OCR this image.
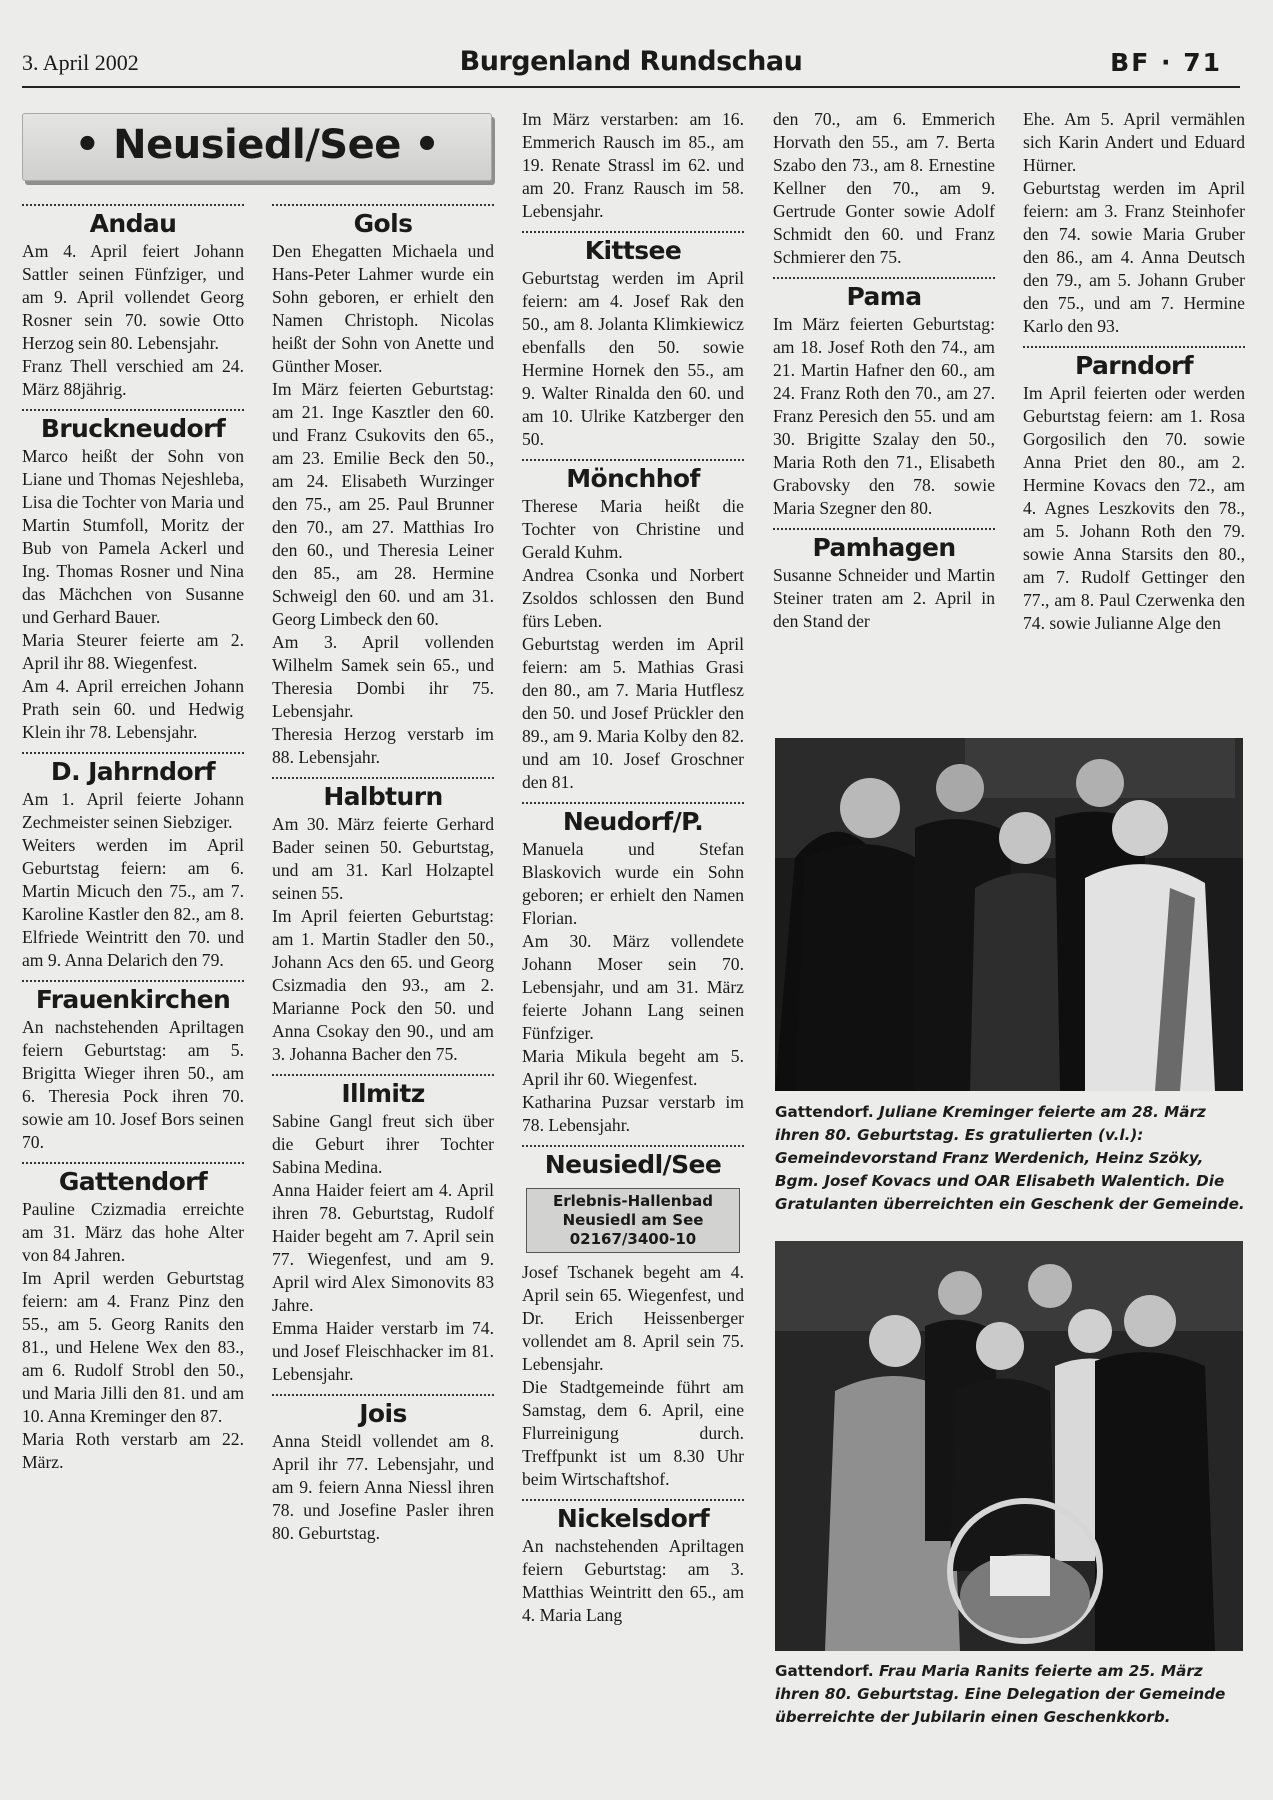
3. April 2002	Burgenland Rundschau	BF · 71
• Neusiedl/See •
Andau

Am 4. April feiert Johann Sattler seinen Fünfziger, und am 9. April vollendet Georg Rosner sein 70. sowie Otto Herzog sein 80. Lebensjahr.

Franz Thell verschied am 24. März 88jährig.

Bruckneudorf

Marco heißt der Sohn von Liane und Thomas Nejeshleba, Lisa die Tochter von Maria und Martin Stumfoll, Moritz der Bub von Pamela Ackerl und Ing. Thomas Rosner und Nina das Mächchen von Susanne und Gerhard Bauer.

Maria Steurer feierte am 2. April ihr 88. Wiegenfest.

Am 4. April erreichen Johann Prath sein 60. und Hedwig Klein ihr 78. Lebensjahr.

D. Jahrndorf

Am 1. April feierte Johann Zechmeister seinen Siebziger.

Weiters werden im April Geburtstag feiern: am 6. Martin Micuch den 75., am 7. Karoline Kastler den 82., am 8. Elfriede Weintritt den 70. und am 9. Anna Delarich den 79.

Frauenkirchen

An nachstehenden Apriltagen feiern Geburtstag: am 5. Brigitta Wieger ihren 50., am 6. Theresia Pock ihren 70. sowie am 10. Josef Bors seinen 70.

Gattendorf

Pauline Czizmadia erreichte am 31. März das hohe Alter von 84 Jahren.

Im April werden Geburtstag feiern: am 4. Franz Pinz den 55., am 5. Georg Ranits den 81., und Helene Wex den 83., am 6. Rudolf Strobl den 50., und Maria Jilli den 81. und am 10. Anna Kreminger den 87.

Maria Roth verstarb am 22. März.

Gols

Den Ehegatten Michaela und Hans-Peter Lahmer wurde ein Sohn geboren, er erhielt den Namen Christoph. Nicolas heißt der Sohn von Anette und Günther Moser.

Im März feierten Geburtstag: am 21. Inge Kasztler den 60. und Franz Csukovits den 65., am 23. Emilie Beck den 50., am 24. Elisabeth Wurzinger den 75., am 25. Paul Brunner den 70., am 27. Matthias Iro den 60., und Theresia Leiner den 85., am 28. Hermine Schweigl den 60. und am 31. Georg Limbeck den 60.

Am 3. April vollenden Wilhelm Samek sein 65., und Theresia Dombi ihr 75. Lebensjahr.

Theresia Herzog verstarb im 88. Lebensjahr.

Halbturn

Am 30. März feierte Gerhard Bader seinen 50. Geburtstag, und am 31. Karl Holzaptel seinen 55.

Im April feierten Geburtstag: am 1. Martin Stadler den 50., Johann Acs den 65. und Georg Csizmadia den 93., am 2. Marianne Pock den 50. und Anna Csokay den 90., und am 3. Johanna Bacher den 75.

Illmitz

Sabine Gangl freut sich über die Geburt ihrer Tochter Sabina Medina.

Anna Haider feiert am 4. April ihren 78. Geburtstag, Rudolf Haider begeht am 7. April sein 77. Wiegenfest, und am 9. April wird Alex Simonovits 83 Jahre.

Emma Haider verstarb im 74. und Josef Fleischhacker im 81. Lebensjahr.

Jois

Anna Steidl vollendet am 8. April ihr 77. Lebensjahr, und am 9. feiern Anna Niessl ihren 78. und Josefine Pasler ihren 80. Geburtstag.

Im März verstarben: am 16. Emmerich Rausch im 85., am 19. Renate Strassl im 62. und am 20. Franz Rausch im 58. Lebensjahr.

Kittsee

Geburtstag werden im April feiern: am 4. Josef Rak den 50., am 8. Jolanta Klimkiewicz ebenfalls den 50. sowie Hermine Hornek den 55., am 9. Walter Rinalda den 60. und am 10. Ulrike Katzberger den 50.

Mönchhof

Therese Maria heißt die Tochter von Christine und Gerald Kuhm.

Andrea Csonka und Norbert Zsoldos schlossen den Bund fürs Leben.

Geburtstag werden im April feiern: am 5. Mathias Grasi den 80., am 7. Maria Hutflesz den 50. und Josef Prückler den 89., am 9. Maria Kolby den 82. und am 10. Josef Groschner den 81.

Neudorf/P.

Manuela und Stefan Blaskovich wurde ein Sohn geboren; er erhielt den Namen Florian.

Am 30. März vollendete Johann Moser sein 70. Lebensjahr, und am 31. März feierte Johann Lang seinen Fünfziger.

Maria Mikula begeht am 5. April ihr 60. Wiegenfest.

Katharina Puzsar verstarb im 78. Lebensjahr.

Neusiedl/See
Erlebnis-Hallenbad
Neusiedl am See
02167/3400-10

Josef Tschanek begeht am 4. April sein 65. Wiegenfest, und Dr. Erich Heissenberger vollendet am 8. April sein 75. Lebensjahr.

Die Stadtgemeinde führt am Samstag, dem 6. April, eine Flurreinigung durch. Treffpunkt ist um 8.30 Uhr beim Wirtschaftshof.

Nickelsdorf

An nachstehenden Apriltagen feiern Geburtstag: am 3. Matthias Weintritt den 65., am 4. Maria Lang

den 70., am 6. Emmerich Horvath den 55., am 7. Berta Szabo den 73., am 8. Ernestine Kellner den 70., am 9. Gertrude Gonter sowie Adolf Schmidt den 60. und Franz Schmierer den 75.

Pama

Im März feierten Geburtstag: am 18. Josef Roth den 74., am 21. Martin Hafner den 60., am 24. Franz Roth den 70., am 27. Franz Peresich den 55. und am 30. Brigitte Szalay den 50., Maria Roth den 71., Elisabeth Grabovsky den 78. sowie Maria Szegner den 80.

Pamhagen

Susanne Schneider und Martin Steiner traten am 2. April in den Stand der

Ehe. Am 5. April vermählen sich Karin Andert und Eduard Hürner.

Geburtstag werden im April feiern: am 3. Franz Steinhofer den 74. sowie Maria Gruber den 86., am 4. Anna Deutsch den 79., am 5. Johann Gruber den 75., und am 7. Hermine Karlo den 93.

Parndorf

Im April feierten oder werden Geburtstag feiern: am 1. Rosa Gorgosilich den 70. sowie Anna Priet den 80., am 2. Hermine Kovacs den 72., am 4. Agnes Leszkovits den 78., am 5. Johann Roth den 79. sowie Anna Starsits den 80., am 7. Rudolf Gettinger den 77., am 8. Paul Czerwenka den 74. sowie Julianne Alge den

Gattendorf. Juliane Kreminger feierte am 28. März ihren 80. Geburtstag. Es gratulierten (v.l.): Gemeindevorstand Franz Werdenich, Heinz Szöky, Bgm. Josef Kovacs und OAR Elisabeth Walentich. Die Gratulanten überreichten ein Geschenk der Gemeinde.
Gattendorf. Frau Maria Ranits feierte am 25. März ihren 80. Geburtstag. Eine Delegation der Gemeinde überreichte der Jubilarin einen Geschenkkorb.
